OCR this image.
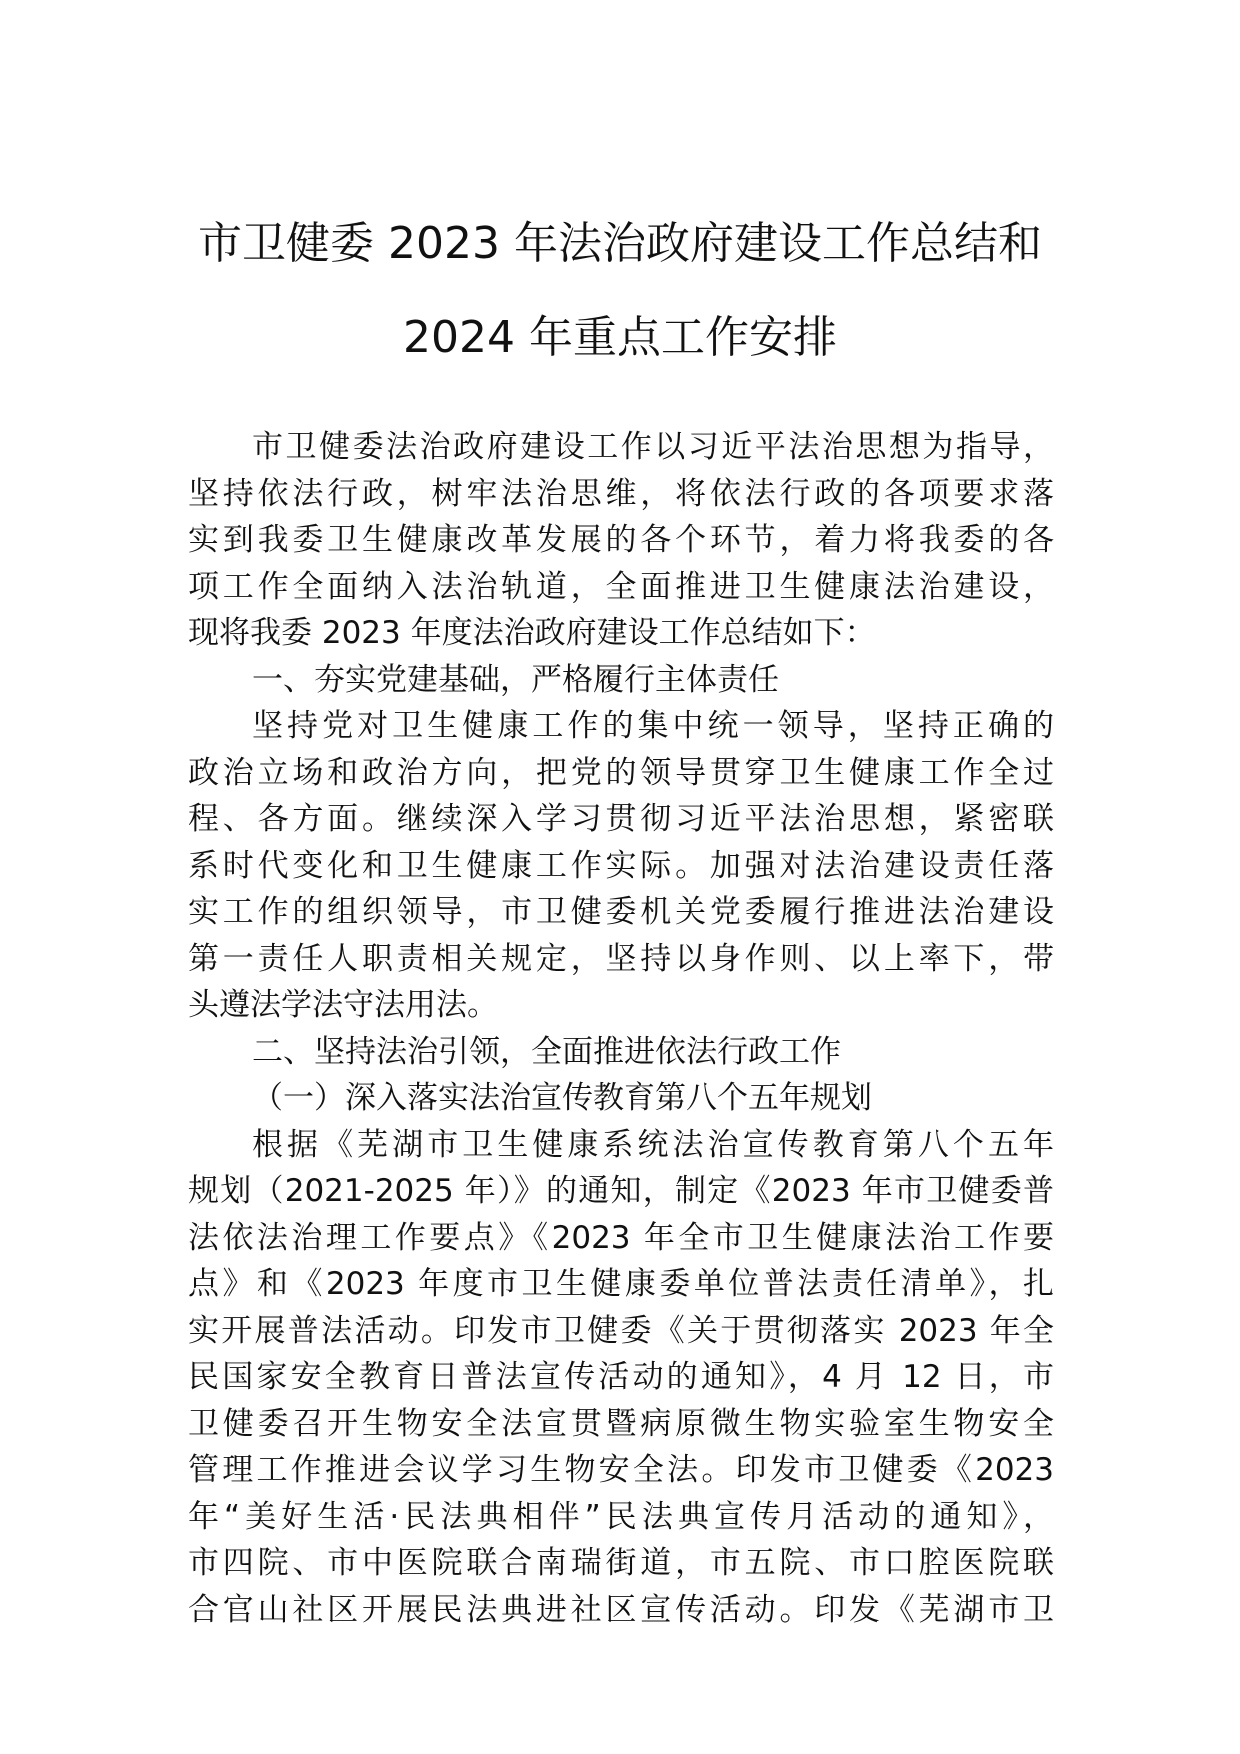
市卫健委 2023 年法治政府建设工作总结和
2024 年重点工作安排
市卫健委法治政府建设工作以习近平法治思想为指导，
坚持依法行政，树牢法治思维，将依法行政的各项要求落
实到我委卫生健康改革发展的各个环节，着力将我委的各
项工作全面纳入法治轨道，全面推进卫生健康法治建设，
现将我委 2023 年度法治政府建设工作总结如下：
一、夯实党建基础，严格履行主体责任
坚持党对卫生健康工作的集中统一领导，坚持正确的
政治立场和政治方向，把党的领导贯穿卫生健康工作全过
程、各方面。继续深入学习贯彻习近平法治思想，紧密联
系时代变化和卫生健康工作实际。加强对法治建设责任落
实工作的组织领导，市卫健委机关党委履行推进法治建设
第一责任人职责相关规定，坚持以身作则、以上率下，带
头遵法学法守法用法。
二、坚持法治引领，全面推进依法行政工作
（一）深入落实法治宣传教育第八个五年规划
根据《芜湖市卫生健康系统法治宣传教育第八个五年
规划（2021-2025 年）》的通知，制定《2023 年市卫健委普
法依法治理工作要点》《2023 年全市卫生健康法治工作要
点》和《2023 年度市卫生健康委单位普法责任清单》，扎
实开展普法活动。印发市卫健委《关于贯彻落实 2023 年全
民国家安全教育日普法宣传活动的通知》，4 月 12 日，市
卫健委召开生物安全法宣贯暨病原微生物实验室生物安全
管理工作推进会议学习生物安全法。印发市卫健委《2023
年“美好生活·民法典相伴”民法典宣传月活动的通知》，
市四院、市中医院联合南瑞街道，市五院、市口腔医院联
合官山社区开展民法典进社区宣传活动。印发《芜湖市卫
